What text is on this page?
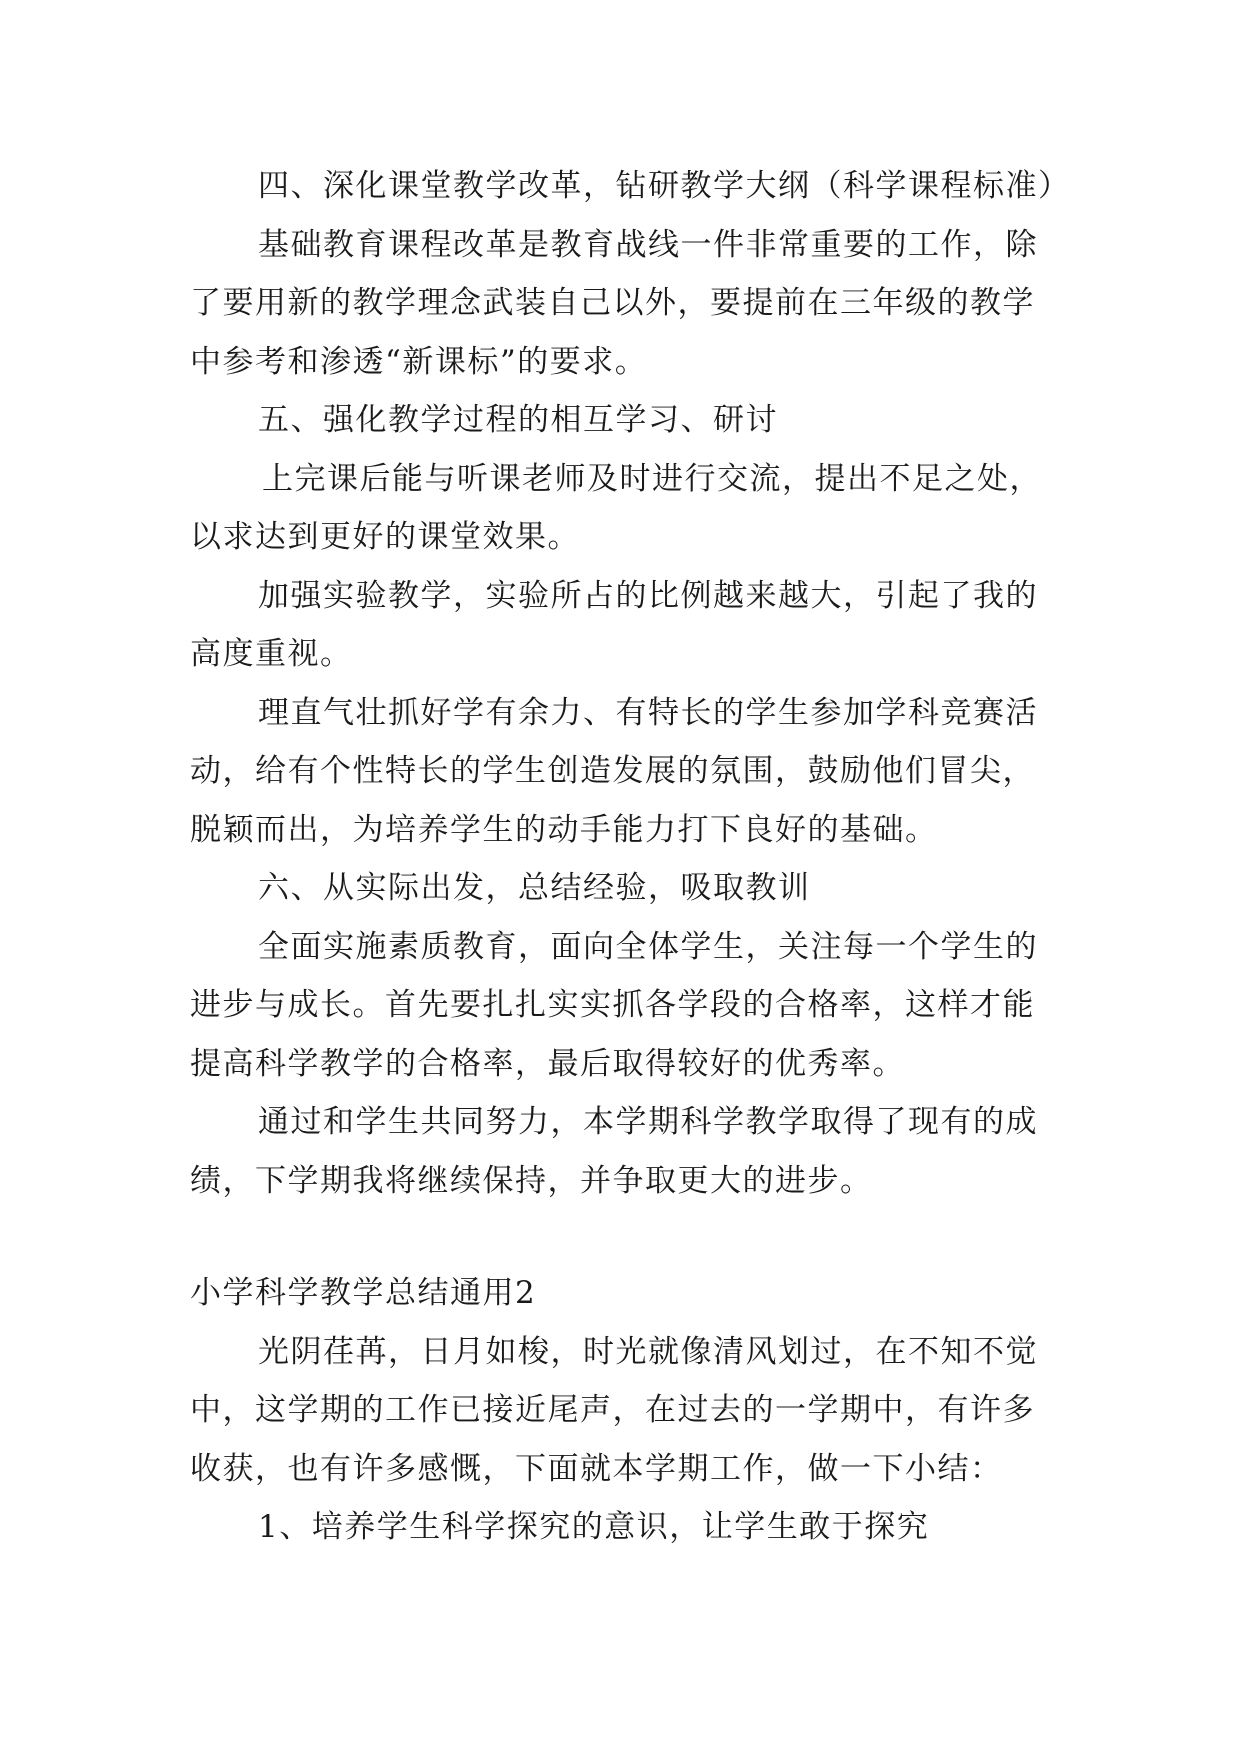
四、深化课堂教学改革，钻研教学大纲（科学课程标准）
基础教育课程改革是教育战线一件非常重要的工作，除
了要用新的教学理念武装自己以外，要提前在三年级的教学
中参考和渗透“新课标”的要求。
五、强化教学过程的相互学习、研讨
上完课后能与听课老师及时进行交流，提出不足之处，
以求达到更好的课堂效果。
加强实验教学，实验所占的比例越来越大，引起了我的
高度重视。
理直气壮抓好学有余力、有特长的学生参加学科竞赛活
动，给有个性特长的学生创造发展的氛围，鼓励他们冒尖，
脱颖而出，为培养学生的动手能力打下良好的基础。
六、从实际出发，总结经验，吸取教训
全面实施素质教育，面向全体学生，关注每一个学生的
进步与成长。首先要扎扎实实抓各学段的合格率，这样才能
提高科学教学的合格率，最后取得较好的优秀率。
通过和学生共同努力，本学期科学教学取得了现有的成
绩，下学期我将继续保持，并争取更大的进步。
小学科学教学总结通用2
光阴荏苒，日月如梭，时光就像清风划过，在不知不觉
中，这学期的工作已接近尾声，在过去的一学期中，有许多
收获，也有许多感慨，下面就本学期工作，做一下小结：
1、培养学生科学探究的意识，让学生敢于探究
